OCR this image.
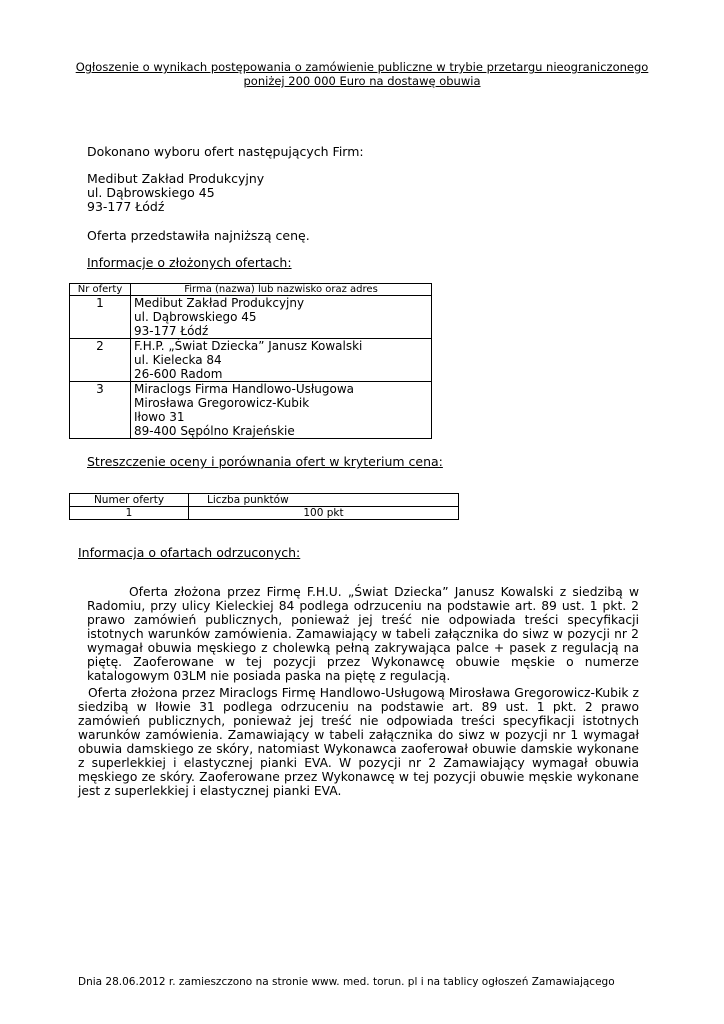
Ogłoszenie o wynikach postępowania o zamówienie publiczne w trybie przetargu nieograniczonego
poniżej 200 000 Euro na dostawę obuwia
Dokonano wyboru ofert następujących Firm:
Medibut Zakład Produkcyjny
ul. Dąbrowskiego 45
93-177 Łódź
Oferta przedstawiła najniższą cenę.
Informacje o złożonych ofertach:
Nr oferty	Firma (nazwa) lub nazwisko oraz adres
1	Medibut Zakład Produkcyjny
ul. Dąbrowskiego 45
93-177 Łódź

2	F.H.P. „Świat Dziecka” Janusz Kowalski
ul. Kielecka 84
26-600 Radom

3	Miraclogs Firma Handlowo-Usługowa
Mirosława Gregorowicz-Kubik
Iłowo 31
89-400 Sępólno Krajeńskie
Streszczenie oceny i porównania ofert w kryterium cena:
Numer oferty	Liczba punktów
1	100 pkt
Informacja o ofartach odrzuconych:
Oferta złożona przez Firmę F.H.U. „Świat Dziecka” Janusz Kowalski z siedzibą w Radomiu, przy ulicy Kieleckiej 84 podlega odrzuceniu na podstawie art. 89 ust. 1 pkt. 2 prawo zamówień publicznych, ponieważ jej treść nie odpowiada treści specyfikacji istotnych warunków zamówienia. Zamawiający w tabeli załącznika do siwz w pozycji nr 2 wymagał obuwia męskiego z cholewką pełną zakrywająca palce + pasek z regulacją na piętę. Zaoferowane w tej pozycji przez Wykonawcę obuwie męskie o numerze katalogowym 03LM nie posiada paska na piętę z regulacją.
Oferta złożona przez Miraclogs Firmę Handlowo-Usługową Mirosława Gregorowicz-Kubik z siedzibą w Iłowie 31 podlega odrzuceniu na podstawie art. 89 ust. 1 pkt. 2 prawo zamówień publicznych, ponieważ jej treść nie odpowiada treści specyfikacji istotnych warunków zamówienia. Zamawiający w tabeli załącznika do siwz w pozycji nr 1 wymagał obuwia damskiego ze skóry, natomiast Wykonawca zaoferował obuwie damskie wykonane z superlekkiej i elastycznej pianki EVA. W pozycji nr 2 Zamawiający wymagał obuwia męskiego ze skóry. Zaoferowane przez Wykonawcę w tej pozycji obuwie męskie wykonane jest z superlekkiej i elastycznej pianki EVA.
Dnia 28.06.2012 r. zamieszczono na stronie www. med. torun. pl i na tablicy ogłoszeń Zamawiającego
